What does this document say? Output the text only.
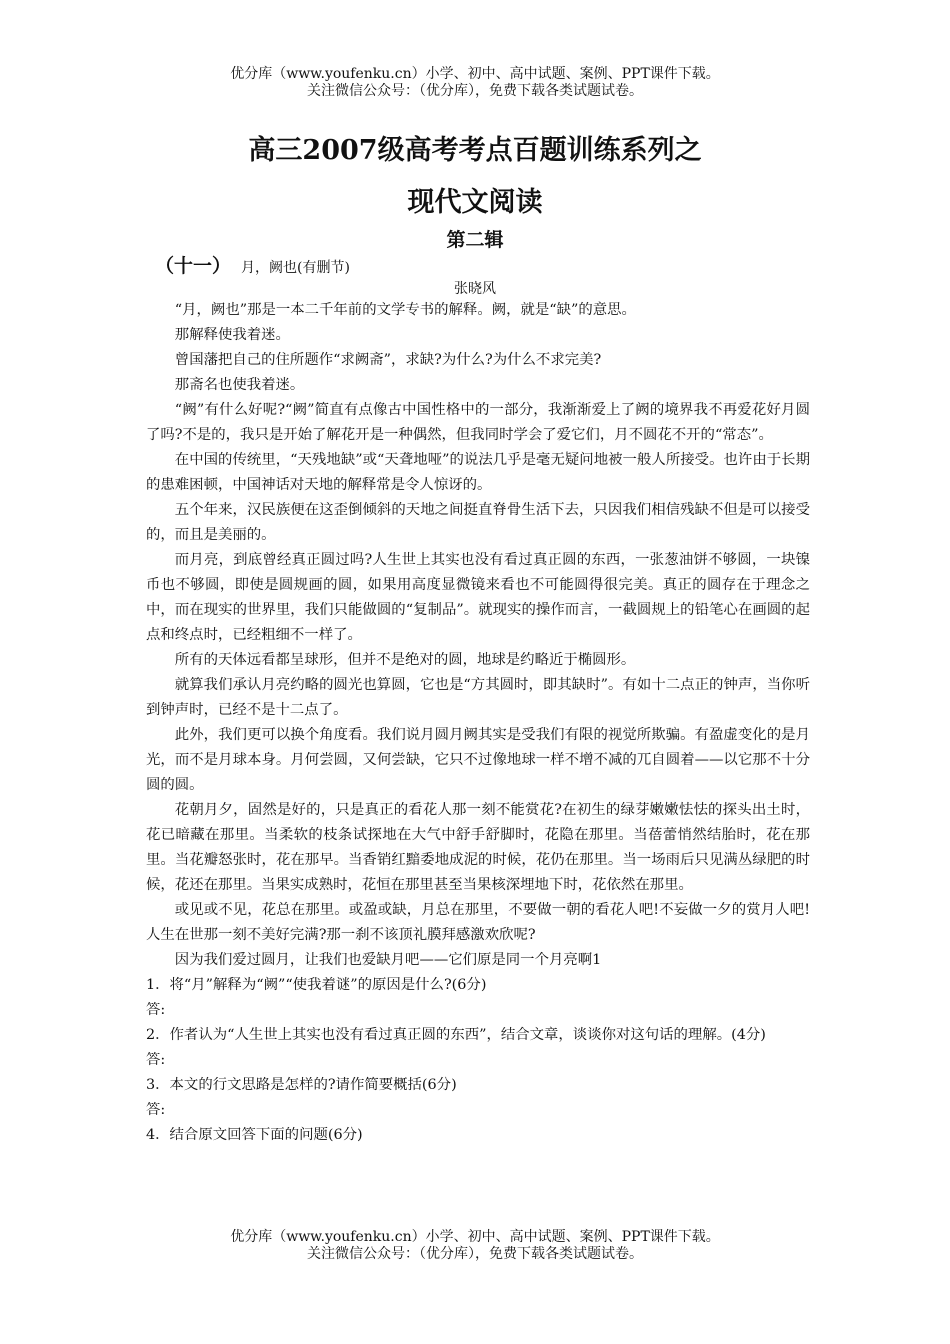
优分库（www.youfenku.cn）小学、初中、高中试题、案例、PPT课件下载。
关注微信公众号：（优分库），免费下载各类试题试卷。
高三2007级高考考点百题训练系列之
现代文阅读
第二辑
（十一） 月，阙也(有删节)
张晓风

“月，阙也”那是一本二千年前的文学专书的解释。阙，就是“缺”的意思。

那解释使我着迷。

曾国藩把自己的住所题作“求阙斋”，求缺?为什么?为什么不求完美?

那斋名也使我着迷。

“阙”有什么好呢?“阙”简直有点像古中国性格中的一部分，我渐渐爱上了阙的境界我不再爱花好月圆了吗?不是的，我只是开始了解花开是一种偶然，但我同时学会了爱它们，月不圆花不开的“常态”。

在中国的传统里，“天残地缺”或“天聋地哑”的说法几乎是毫无疑问地被一般人所接受。也许由于长期的患难困顿，中国神话对天地的解释常是令人惊讶的。

五个年来，汉民族便在这歪倒倾斜的天地之间挺直脊骨生活下去，只因我们相信残缺不但是可以接受的，而且是美丽的。

而月亮，到底曾经真正圆过吗?人生世上其实也没有看过真正圆的东西，一张葱油饼不够圆，一块镍币也不够圆，即使是圆规画的圆，如果用高度显微镜来看也不可能圆得很完美。真正的圆存在于理念之中，而在现实的世界里，我们只能做圆的“复制品”。就现实的操作而言，一截圆规上的铅笔心在画圆的起点和终点时，已经粗细不一样了。

所有的天体远看都呈球形，但并不是绝对的圆，地球是约略近于椭圆形。

就算我们承认月亮约略的圆光也算圆，它也是“方其圆时，即其缺时”。有如十二点正的钟声，当你听到钟声时，已经不是十二点了。

此外，我们更可以换个角度看。我们说月圆月阙其实是受我们有限的视觉所欺骗。有盈虚变化的是月光，而不是月球本身。月何尝圆，又何尝缺，它只不过像地球一样不增不减的兀自圆着——以它那不十分圆的圆。

花朝月夕，固然是好的，只是真正的看花人那一刻不能赏花?在初生的绿芽嫩嫩怯怯的探头出土时，花已暗藏在那里。当柔软的枝条试探地在大气中舒手舒脚时，花隐在那里。当蓓蕾悄然结胎时，花在那里。当花瓣怒张时，花在那早。当香销红黯委地成泥的时候，花仍在那里。当一场雨后只见满丛绿肥的时候，花还在那里。当果实成熟时，花恒在那里甚至当果核深埋地下时，花依然在那里。

或见或不见，花总在那里。或盈或缺，月总在那里，不要做一朝的看花人吧!不妄做一夕的赏月人吧!人生在世那一刻不美好完满?那一刹不该顶礼膜拜感激欢欣呢?

因为我们爱过圆月，让我们也爱缺月吧——它们原是同一个月亮啊1

1．将“月”解释为“阙”“使我着谜”的原因是什么?(6分)

答:

2．作者认为“人生世上其实也没有看过真正圆的东西”，结合文章，谈谈你对这句话的理解。(4分)

答:

3．本文的行文思路是怎样的?请作简要概括(6分)

答:

4．结合原文回答下面的问题(6分)

优分库（www.youfenku.cn）小学、初中、高中试题、案例、PPT课件下载。
关注微信公众号：（优分库），免费下载各类试题试卷。
